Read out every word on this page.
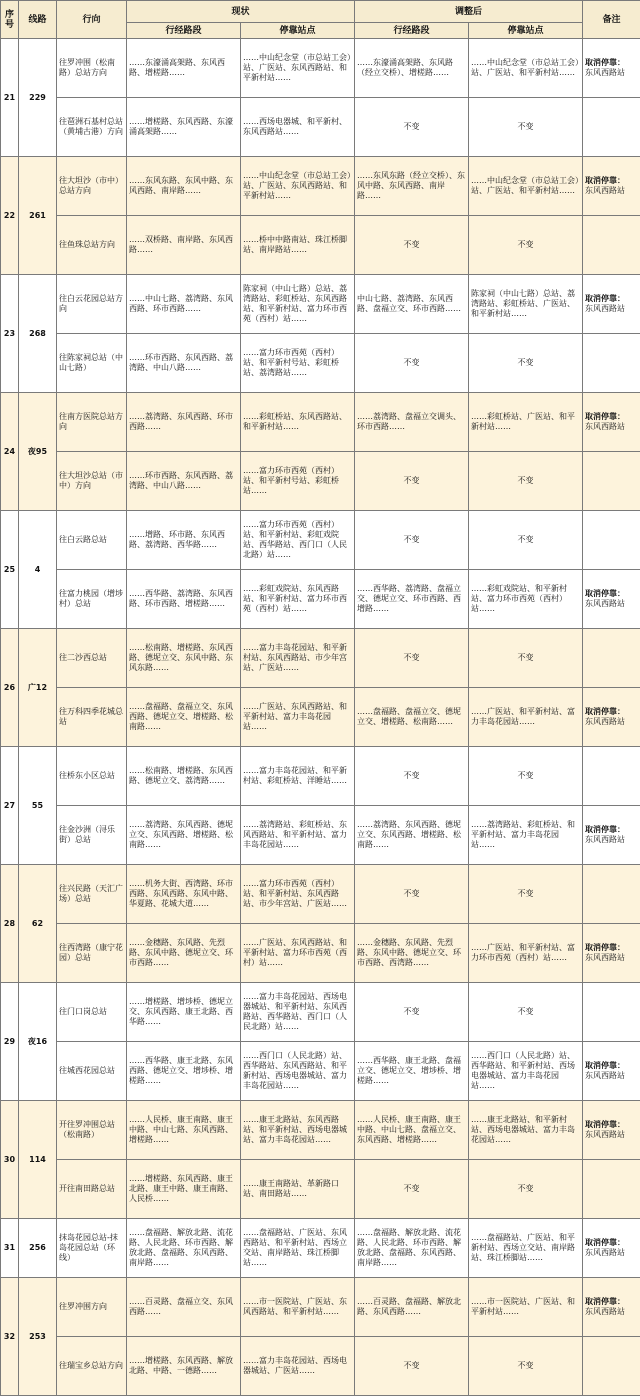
序号	线路	行向	现状		调整后		备注
			行经路段	停靠站点	行经路段	停靠站点	
21	229	往罗冲围（松南路）总站方向	……东濠涌高架路、东风西路、增槎路……	……中山纪念堂（市总站工会）站、广医站、东风西路站、和平新村站……	……东濠涌高架路、东风路（经立交桥）、增槎路……	……中山纪念堂（市总站工会）站、广医站、和平新村站……	取消停靠：
东风西路站
		往琶洲石基村总站（黄埔古港）方向	……增槎路、东风西路、东濠涌高架路……	……西场电器城、和平新村、东风西路站……	不变	不变	

22	261	往大坦沙（市中）总站方向	……东风东路、东风中路、东风西路、南岸路……	……中山纪念堂（市总站工会）站、广医站、东风西路站、和平新村站……	……东风东路（经立交桥）、东风中路、东风西路、南岸路……	……中山纪念堂（市总站工会）站、广医站、和平新村站……	取消停靠：
东风西路站
		往鱼珠总站方向	……双桥路、南岸路、东风西路……	……桥中中路南站、珠江桥脚站、南岸路站……	不变	不变	

23	268	往白云花园总站方向	……中山七路、荔湾路、东风西路、环市西路……	陈家祠（中山七路）总站、荔湾路站、彩虹桥站、东风西路站、和平新村站、富力环市西苑（西村）站……	中山七路、荔湾路、东风西路、盘福立交、环市西路……	陈家祠（中山七路）总站、荔湾路站、彩虹桥站、广医站、和平新村站……	取消停靠：
东风西路站
		往陈家祠总站（中山七路）	……环市西路、东风西路、荔湾路、中山八路……	……富力环市西苑（西村）站、和平新村号站、彩虹桥站、荔湾路站……	不变	不变	

24	夜95	往南方医院总站方向	……荔湾路、东风西路、环市西路……	……彩虹桥站、东风西路站、和平新村站……	……荔湾路、盘福立交调头、环市西路……	……彩虹桥站、广医站、和平新村站……	取消停靠：
东风西路站
		往大坦沙总站（市中）方向	……环市西路、东风西路、荔湾路、中山八路……	……富力环市西苑（西村）站、和平新村号站、彩虹桥站……	不变	不变	

25	4	往白云路总站	……增路、环市路、东风西路、荔湾路、西华路……	……富力环市西苑（西村）站、和平新村站、彩虹戏院站、西华路站、西门口（人民北路）站……	不变	不变	

		往富力桃园（增埗村）总站	……西华路、荔湾路、东风西路、环市西路、增槎路……	……彩虹戏院站、东风西路站、和平新村站、富力环市西苑（西村）站……	……西华路、荔湾路、盘福立交、德坭立交、环市西路、西增路……	……彩虹戏院站、和平新村站、富力环市西苑（西村）站……	取消停靠：
东风西路站
26	广12	往二沙西总站	……松南路、增槎路、东风西路、德坭立交、东风中路、东风东路……	……富力丰岛花园站、和平新村站、东风西路站、市少年宫站、广医站……	不变	不变	

		往万科四季花城总站	……盘福路、盘福立交、东风西路、德坭立交、增槎路、松南路……	……广医站、东风西路站、和平新村站、富力丰岛花园站……	……盘福路、盘福立交、德坭立交、增槎路、松南路……	……广医站、和平新村站、富力丰岛花园站……	取消停靠：
东风西路站
27	55	往桥东小区总站	……松南路、增槎路、东风西路、德坭立交、荔湾路……	……富力丰岛花园站、和平新村站、彩虹桥站、洋睡站……	不变	不变	

		往金沙洲（浔乐街）总站	……荔湾路、东风西路、德坭立交、东风西路、增槎路、松南路……	……荔湾路站、彩虹桥站、东风西路站、和平新村站、富力丰岛花园站……	……荔湾路、东风西路、德坭立交、东风西路、增槎路、松南路……	……荔湾路站、彩虹桥站、和平新村站、富力丰岛花园站……	取消停靠：
东风西路站
28	62	往兴民路（天汇广场）总站	……机务大街、西湾路、环市西路、东风西路、东风中路、华夏路、花城大道……	……富力环市西苑（西村）站、和平新村站、东风西路站、市少年宫站、广医站……	不变	不变	

		往西湾路（康宁花园）总站	……金穗路、东风路、先烈路、东风中路、德坭立交、环市西路……	……广医站、东风西路站、和平新村站、富力环市西苑（西村）站……	……金穗路、东风路、先烈路、东风中路、德坭立交、环市西路、西湾路……	……广医站、和平新村站、富力环市西苑（西村）站……	取消停靠：
东风西路站
29	夜16	往门口岗总站	……增槎路、增埗桥、德坭立交、东风西路、康王北路、西华路……	……富力丰岛花园站、西场电器城站、和平新村站、东风西路站、西华路站、西门口（人民北路）站……	不变	不变	

		往城西花园总站	……西华路、康王北路、东风西路、德坭立交、增埗桥、增槎路……	……西门口（人民北路）站、西华路站、东风西路站、和平新村站、西场电器城站、富力丰岛花园站……	……西华路、康王北路、盘福立交、德坭立交、增埗桥、增槎路……	……西门口（人民北路）站、西华路站、和平新村站、西场电器城站、富力丰岛花园站……	取消停靠：
东风西路站
30	114	开往罗冲围总站（松南路）	……人民桥、康王南路、康王中路、中山七路、东风西路、增槎路……	……康王北路站、东风西路站、和平新村站、西场电器城站、富力丰岛花园站……	……人民桥、康王南路、康王中路、中山七路、盘福立交、东风西路、增槎路……	……康王北路站、和平新村站、西场电器城站、富力丰岛花园站……	取消停靠：
东风西路站
		开往南田路总站	……增槎路、东风西路、康王北路、康王中路、康王南路、人民桥……	……康王南路站、革新路口站、南田路站……	不变	不变	

31	256	抹岛花园总站-抹岛花园总站（环线）	……盘福路、解放北路、流花路、人民北路、环市西路、解放北路、盘福路、东风西路、南岸路……	……盘福路站、广医站、东风西路站、和平新村站、西场立交站、南岸路站、珠江桥脚站……	……盘福路、解放北路、流花路、人民北路、环市西路、解放北路、盘福路、东风西路、南岸路……	……盘福路站、广医站、和平新村站、西场立交站、南岸路站、珠江桥脚站……	取消停靠：
东风西路站
32	253	往罗冲围方向	……百灵路、盘福立交、东风西路……	……市一医院站、广医站、东风西路站、和平新村站……	……百灵路、盘福路、解放北路、东风西路……	……市一医院站、广医站、和平新村站……	取消停靠：
东风西路站
		往瑞宝乡总站方向	……增槎路、东风西路、解放北路、中路、一德路……	……富力丰岛花园站、西场电器城站、广医站……	不变	不变	
